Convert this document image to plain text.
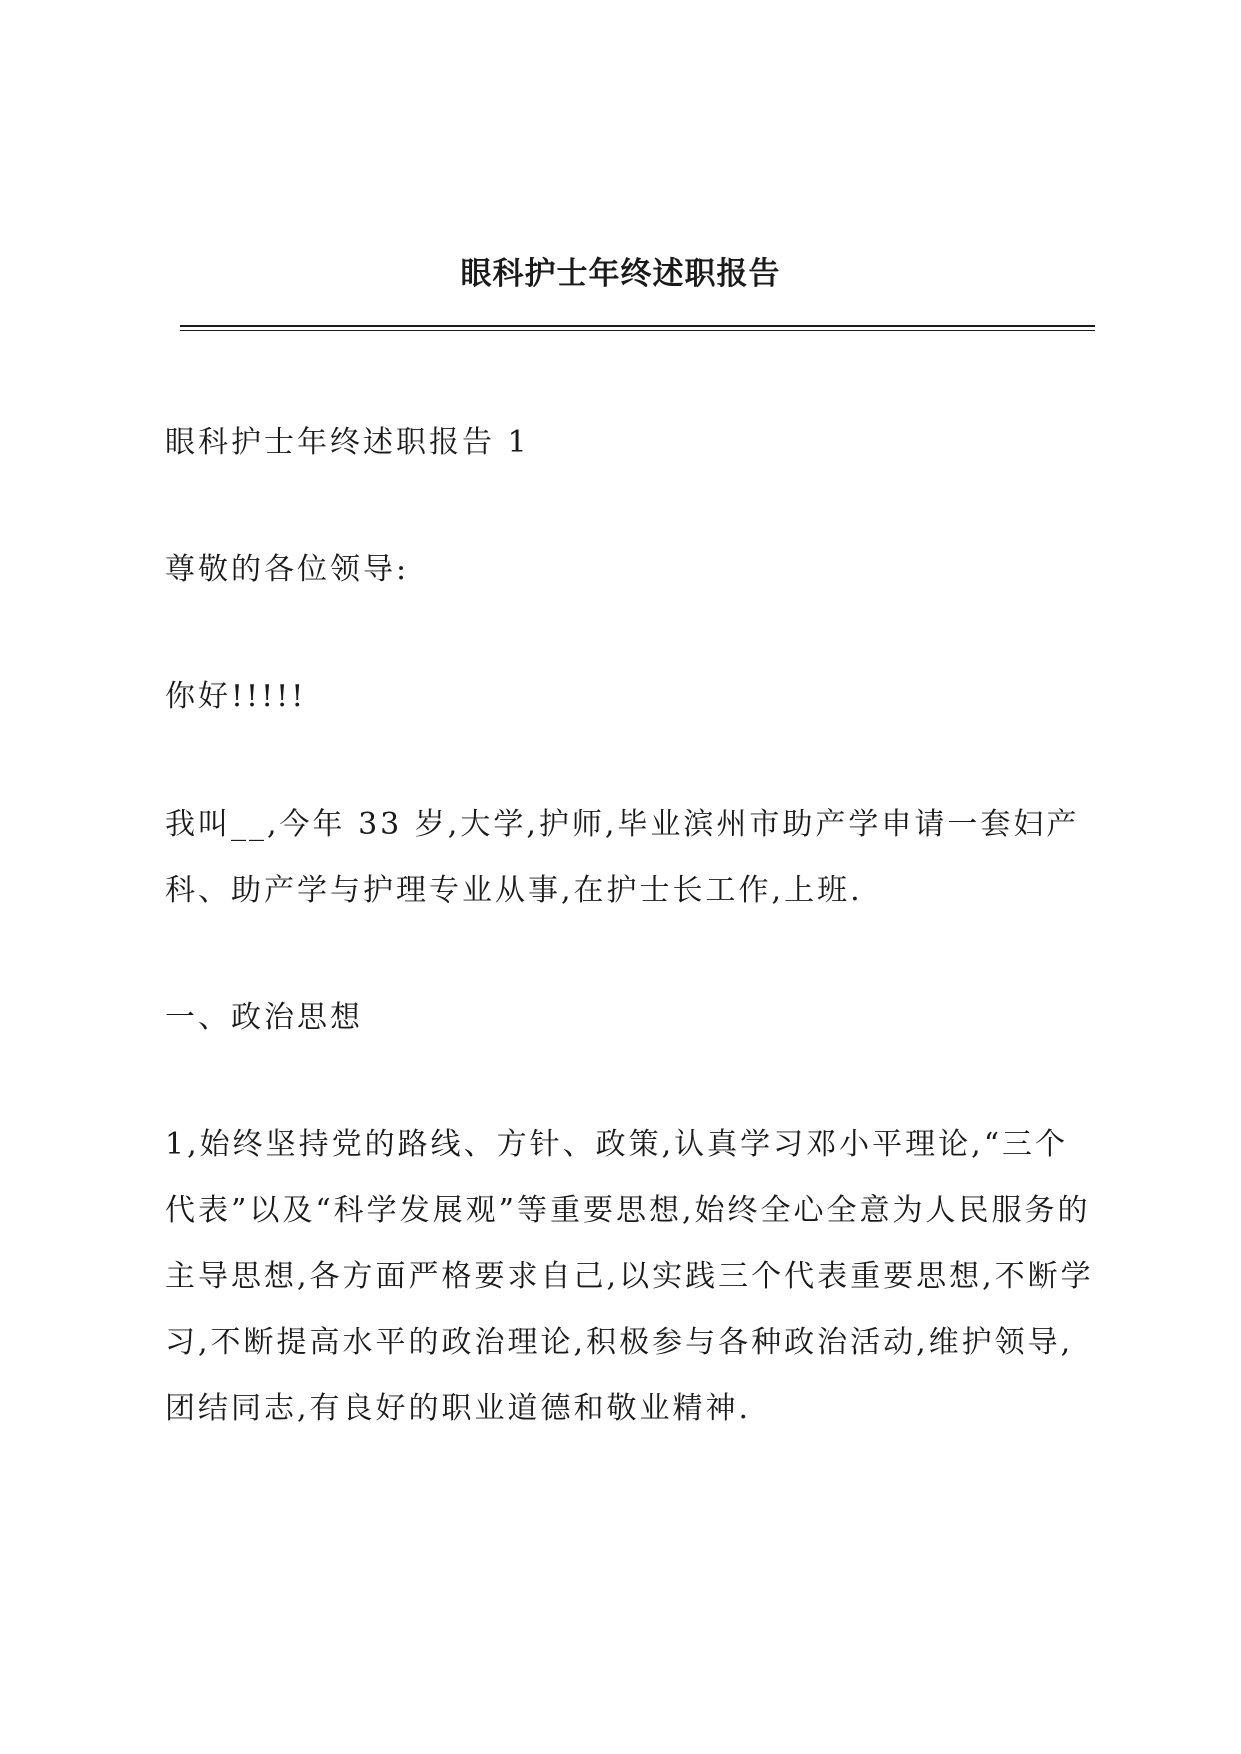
眼科护士年终述职报告

眼科护士年终述职报告 1

尊敬的各位领导:

你好!!!!!

我叫__,今年 33 岁,大学,护师,毕业滨州市助产学申请一套妇产科、助产学与护理专业从事,在护士长工作,上班.

一、政治思想

1,始终坚持党的路线、方针、政策,认真学习邓小平理论,“三个代表”以及“科学发展观”等重要思想,始终全心全意为人民服务的主导思想,各方面严格要求自己,以实践三个代表重要思想,不断学习,不断提高水平的政治理论,积极参与各种政治活动,维护领导,团结同志,有良好的职业道德和敬业精神.
